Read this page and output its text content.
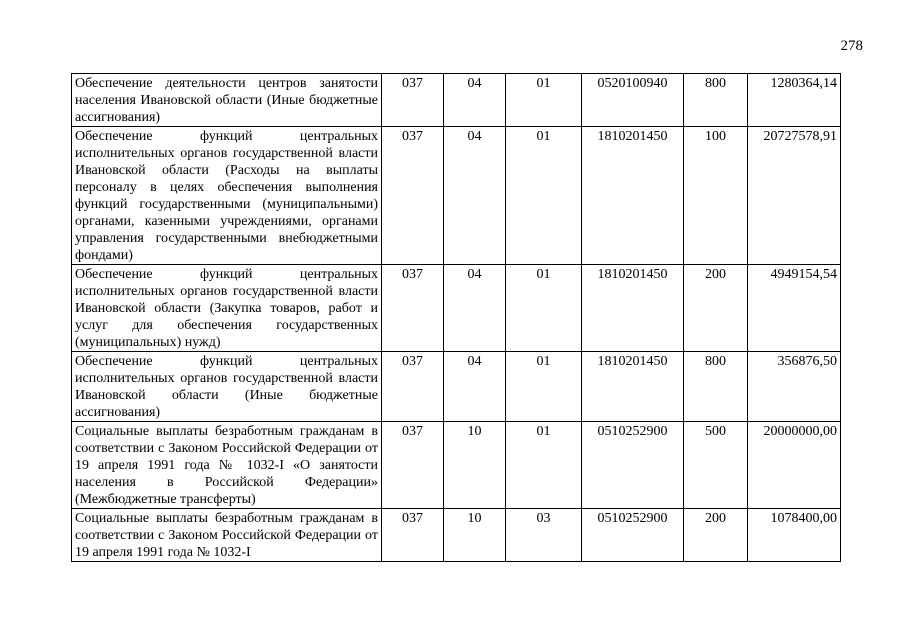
278
Обеспечение деятельности центров занятости населения Ивановской области (Иные бюджетные ассигнования)	037	04	01	0520100940	800	1280364,14
Обеспечение функций центральных исполнительных органов государственной власти Ивановской области (Расходы на выплаты персоналу в целях обеспечения выполнения функций государственными (муниципальными) органами, казенными учреждениями, органами управления государственными внебюджетными фондами)	037	04	01	1810201450	100	20727578,91
Обеспечение функций центральных исполнительных органов государственной власти Ивановской области (Закупка товаров, работ и услуг для обеспечения государственных (муниципальных) нужд)	037	04	01	1810201450	200	4949154,54
Обеспечение функций центральных исполнительных органов государственной власти Ивановской области (Иные бюджетные ассигнования)	037	04	01	1810201450	800	356876,50
Социальные выплаты безработным гражданам в соответствии с Законом Российской Федерации от 19 апреля 1991 года № 1032-I «О занятости населения в Российской Федерации» (Межбюджетные трансферты)	037	10	01	0510252900	500	20000000,00
Социальные выплаты безработным гражданам в соответствии с Законом Российской Федерации от 19 апреля 1991 года № 1032-I	037	10	03	0510252900	200	1078400,00
